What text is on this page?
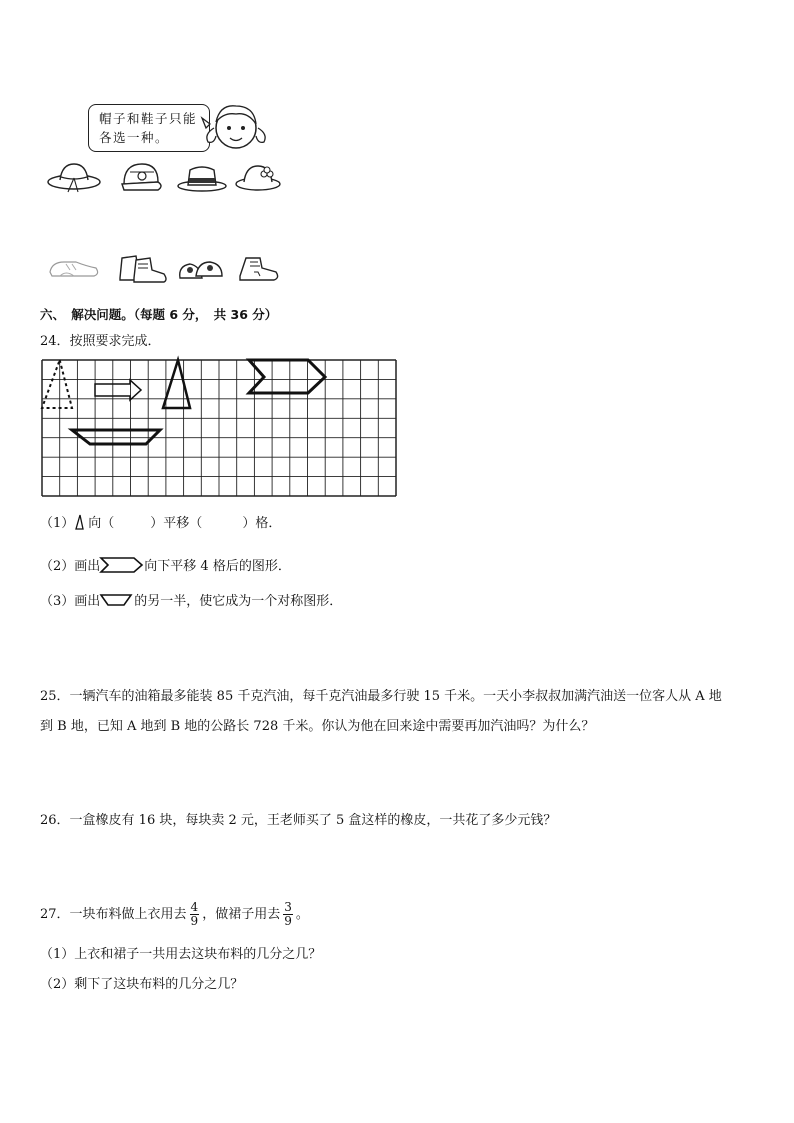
帽子和鞋子只能
各选一种。
六、　解决问题。（每题 6 分，　共 36 分）
24．按照要求完成．
（1） 向（	）平移（	）格．
（2）画出	向下平移 4 格后的图形．
（3）画出	的另一半，使它成为一个对称图形．
25．一辆汽车的油箱最多能装 85 千克汽油，每千克汽油最多行驶 15 千米。一天小李叔叔加满汽油送一位客人从 A 地
到 B 地，已知 A 地到 B 地的公路长 728 千米。你认为他在回来途中需要再加汽油吗？为什么？
26．一盒橡皮有 16 块，每块卖 2 元，王老师买了 5 盒这样的橡皮，一共花了多少元钱？
27．一块布料做上衣用去 $\frac{4}{9}$ ，做裙子用去 $\frac{3}{9}$ 。
（1）上衣和裙子一共用去这块布料的几分之几？
（2）剩下了这块布料的几分之几？
